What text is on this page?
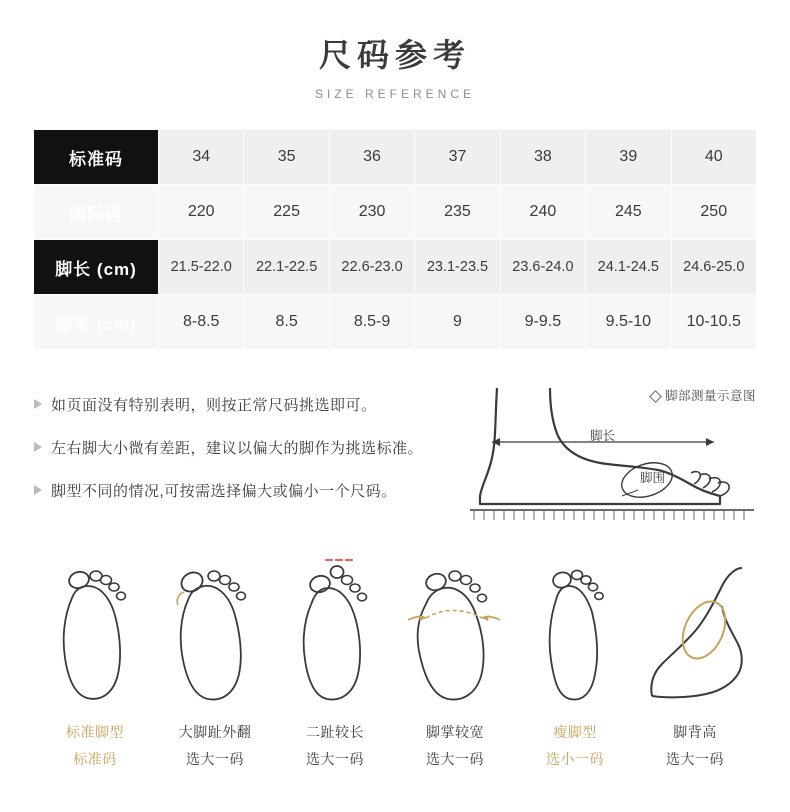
尺码参考
SIZE REFERENCE
标准码	34	35	36	37	38	39	40
国际码	220	225	230	235	240	245	250
脚长 (cm)	21.5-22.0	22.1-22.5	22.6-23.0	23.1-23.5	23.6-24.0	24.1-24.5	24.6-25.0
脚宽 (cm)	8-8.5	8.5	8.5-9	9	9-9.5	9.5-10	10-10.5
如页面没有特别表明，则按正常尺码挑选即可。
左右脚大小微有差距，建议以偏大的脚作为挑选标准。
脚型不同的情况,可按需选择偏大或偏小一个尺码。
脚部测量示意图
脚长
脚围
标准脚型
标准码
大脚趾外翻
选大一码
二趾较长
选大一码
脚掌较宽
选大一码
瘦脚型
选小一码
脚背高
选大一码
